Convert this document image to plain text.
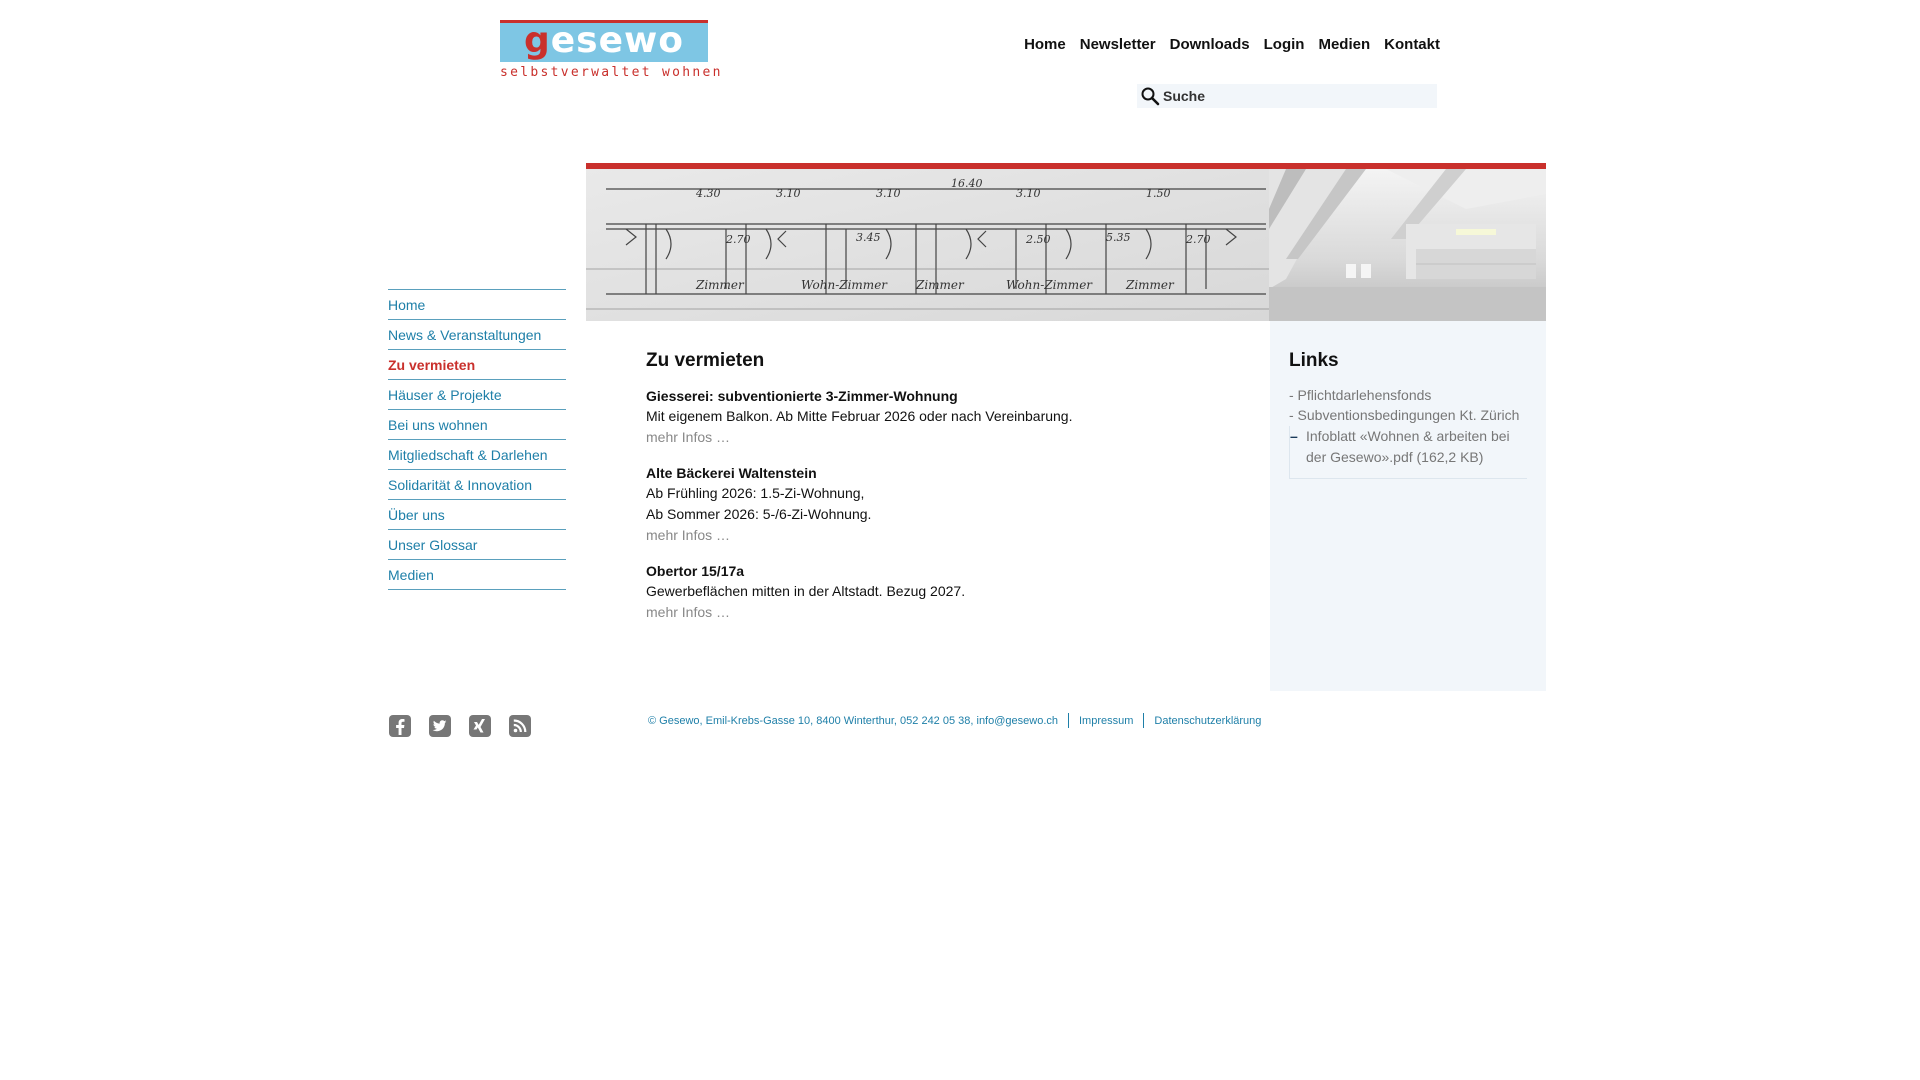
gesewo
selbstverwaltet wohnen
Home Newsletter Downloads Login Medien Kontakt
Suche
4.30	3.10	3.10
16.40
3.10	1.50
2.70	3.45	2.50	5.35	2.70
Zimmer	Wohn-Zimmer Zimmer	Wohn-Zimmer	Zimmer
Home
News & Veranstaltungen
Zu vermieten
Häuser & Projekte
Bei uns wohnen
Mitgliedschaft & Darlehen
Solidarität & Innovation
Über uns
Unser Glossar
Medien
Zu vermieten
Giesserei: subventionierte 3-Zimmer-Wohnung
Mit eigenem Balkon. Ab Mitte Februar 2026 oder nach Vereinbarung.
mehr Infos …
Alte Bäckerei Waltenstein
Ab Frühling 2026: 1.5-Zi-Wohnung,
Ab Sommer 2026: 5-/6-Zi-Wohnung.
mehr Infos …
Obertor 15/17a
Gewerbeflächen mitten in der Altstadt. Bezug 2027.
mehr Infos …
Links
- Pflichtdarlehensfonds
- Subventionsbedingungen Kt. Zürich
– Infoblatt «Wohnen & arbeiten bei der Gesewo».pdf (162,2 KB)
© Gesewo, Emil-Krebs-Gasse 10, 8400 Winterthur, 052 242 05 38, info@gesewo.ch Impressum Datenschutzerklärung
